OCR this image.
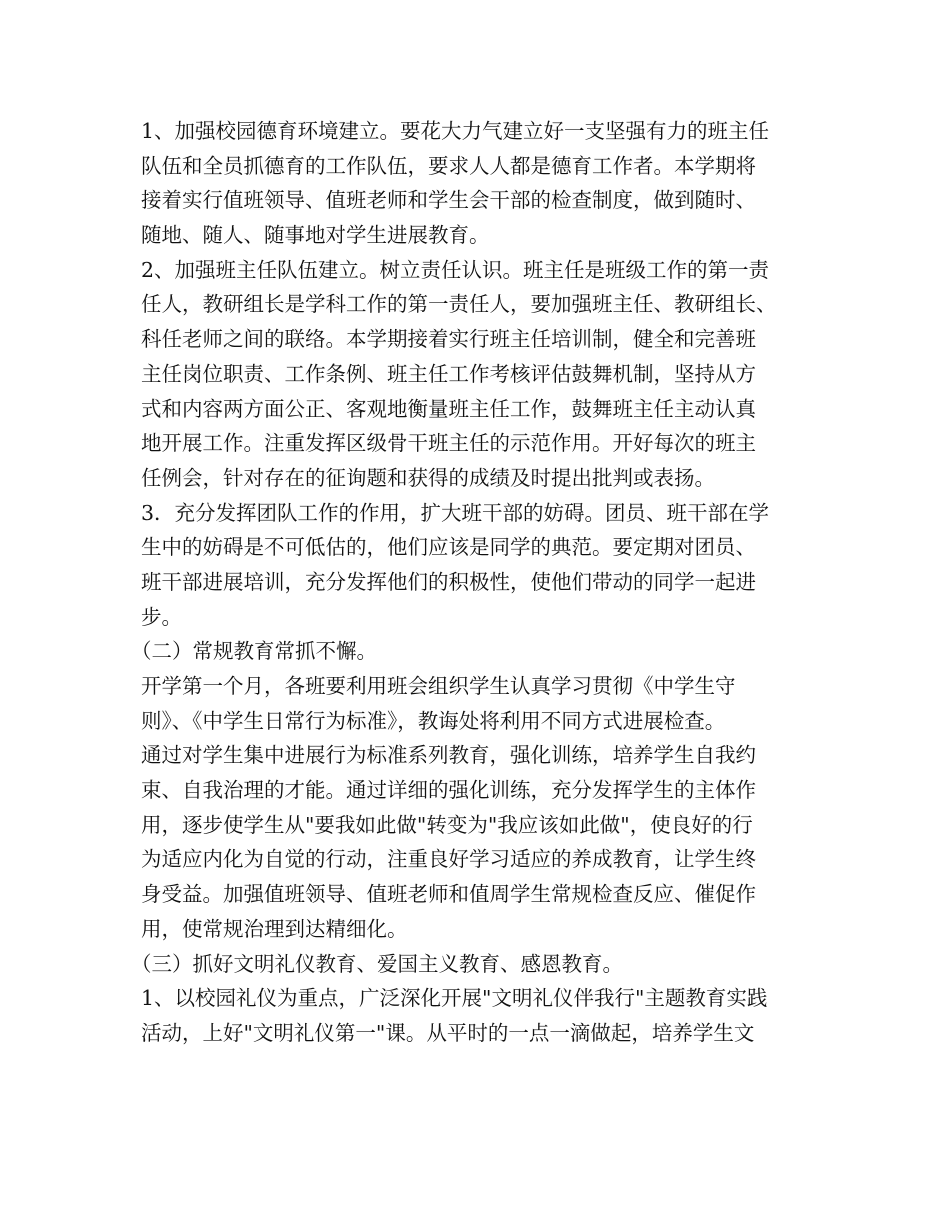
1、加强校园德育环境建立。要花大力气建立好一支坚强有力的班主任
队伍和全员抓德育的工作队伍，要求人人都是德育工作者。本学期将
接着实行值班领导、值班老师和学生会干部的检查制度，做到随时、
随地、随人、随事地对学生进展教育。
2、加强班主任队伍建立。树立责任认识。班主任是班级工作的第一责
任人，教研组长是学科工作的第一责任人，要加强班主任、教研组长、
科任老师之间的联络。本学期接着实行班主任培训制，健全和完善班
主任岗位职责、工作条例、班主任工作考核评估鼓舞机制，坚持从方
式和内容两方面公正、客观地衡量班主任工作，鼓舞班主任主动认真
地开展工作。注重发挥区级骨干班主任的示范作用。开好每次的班主
任例会，针对存在的征询题和获得的成绩及时提出批判或表扬。
3．充分发挥团队工作的作用，扩大班干部的妨碍。团员、班干部在学
生中的妨碍是不可低估的，他们应该是同学的典范。要定期对团员、
班干部进展培训，充分发挥他们的积极性，使他们带动的同学一起进
步。
（二）常规教育常抓不懈。
开学第一个月，各班要利用班会组织学生认真学习贯彻《中学生守
则》、《中学生日常行为标准》，教诲处将利用不同方式进展检查。
通过对学生集中进展行为标准系列教育，强化训练，培养学生自我约
束、自我治理的才能。通过详细的强化训练，充分发挥学生的主体作
用，逐步使学生从"要我如此做"转变为"我应该如此做"，使良好的行
为适应内化为自觉的行动，注重良好学习适应的养成教育，让学生终
身受益。加强值班领导、值班老师和值周学生常规检查反应、催促作
用，使常规治理到达精细化。
（三）抓好文明礼仪教育、爱国主义教育、感恩教育。
1、以校园礼仪为重点，广泛深化开展"文明礼仪伴我行"主题教育实践
活动，上好"文明礼仪第一"课。从平时的一点一滴做起，培养学生文
